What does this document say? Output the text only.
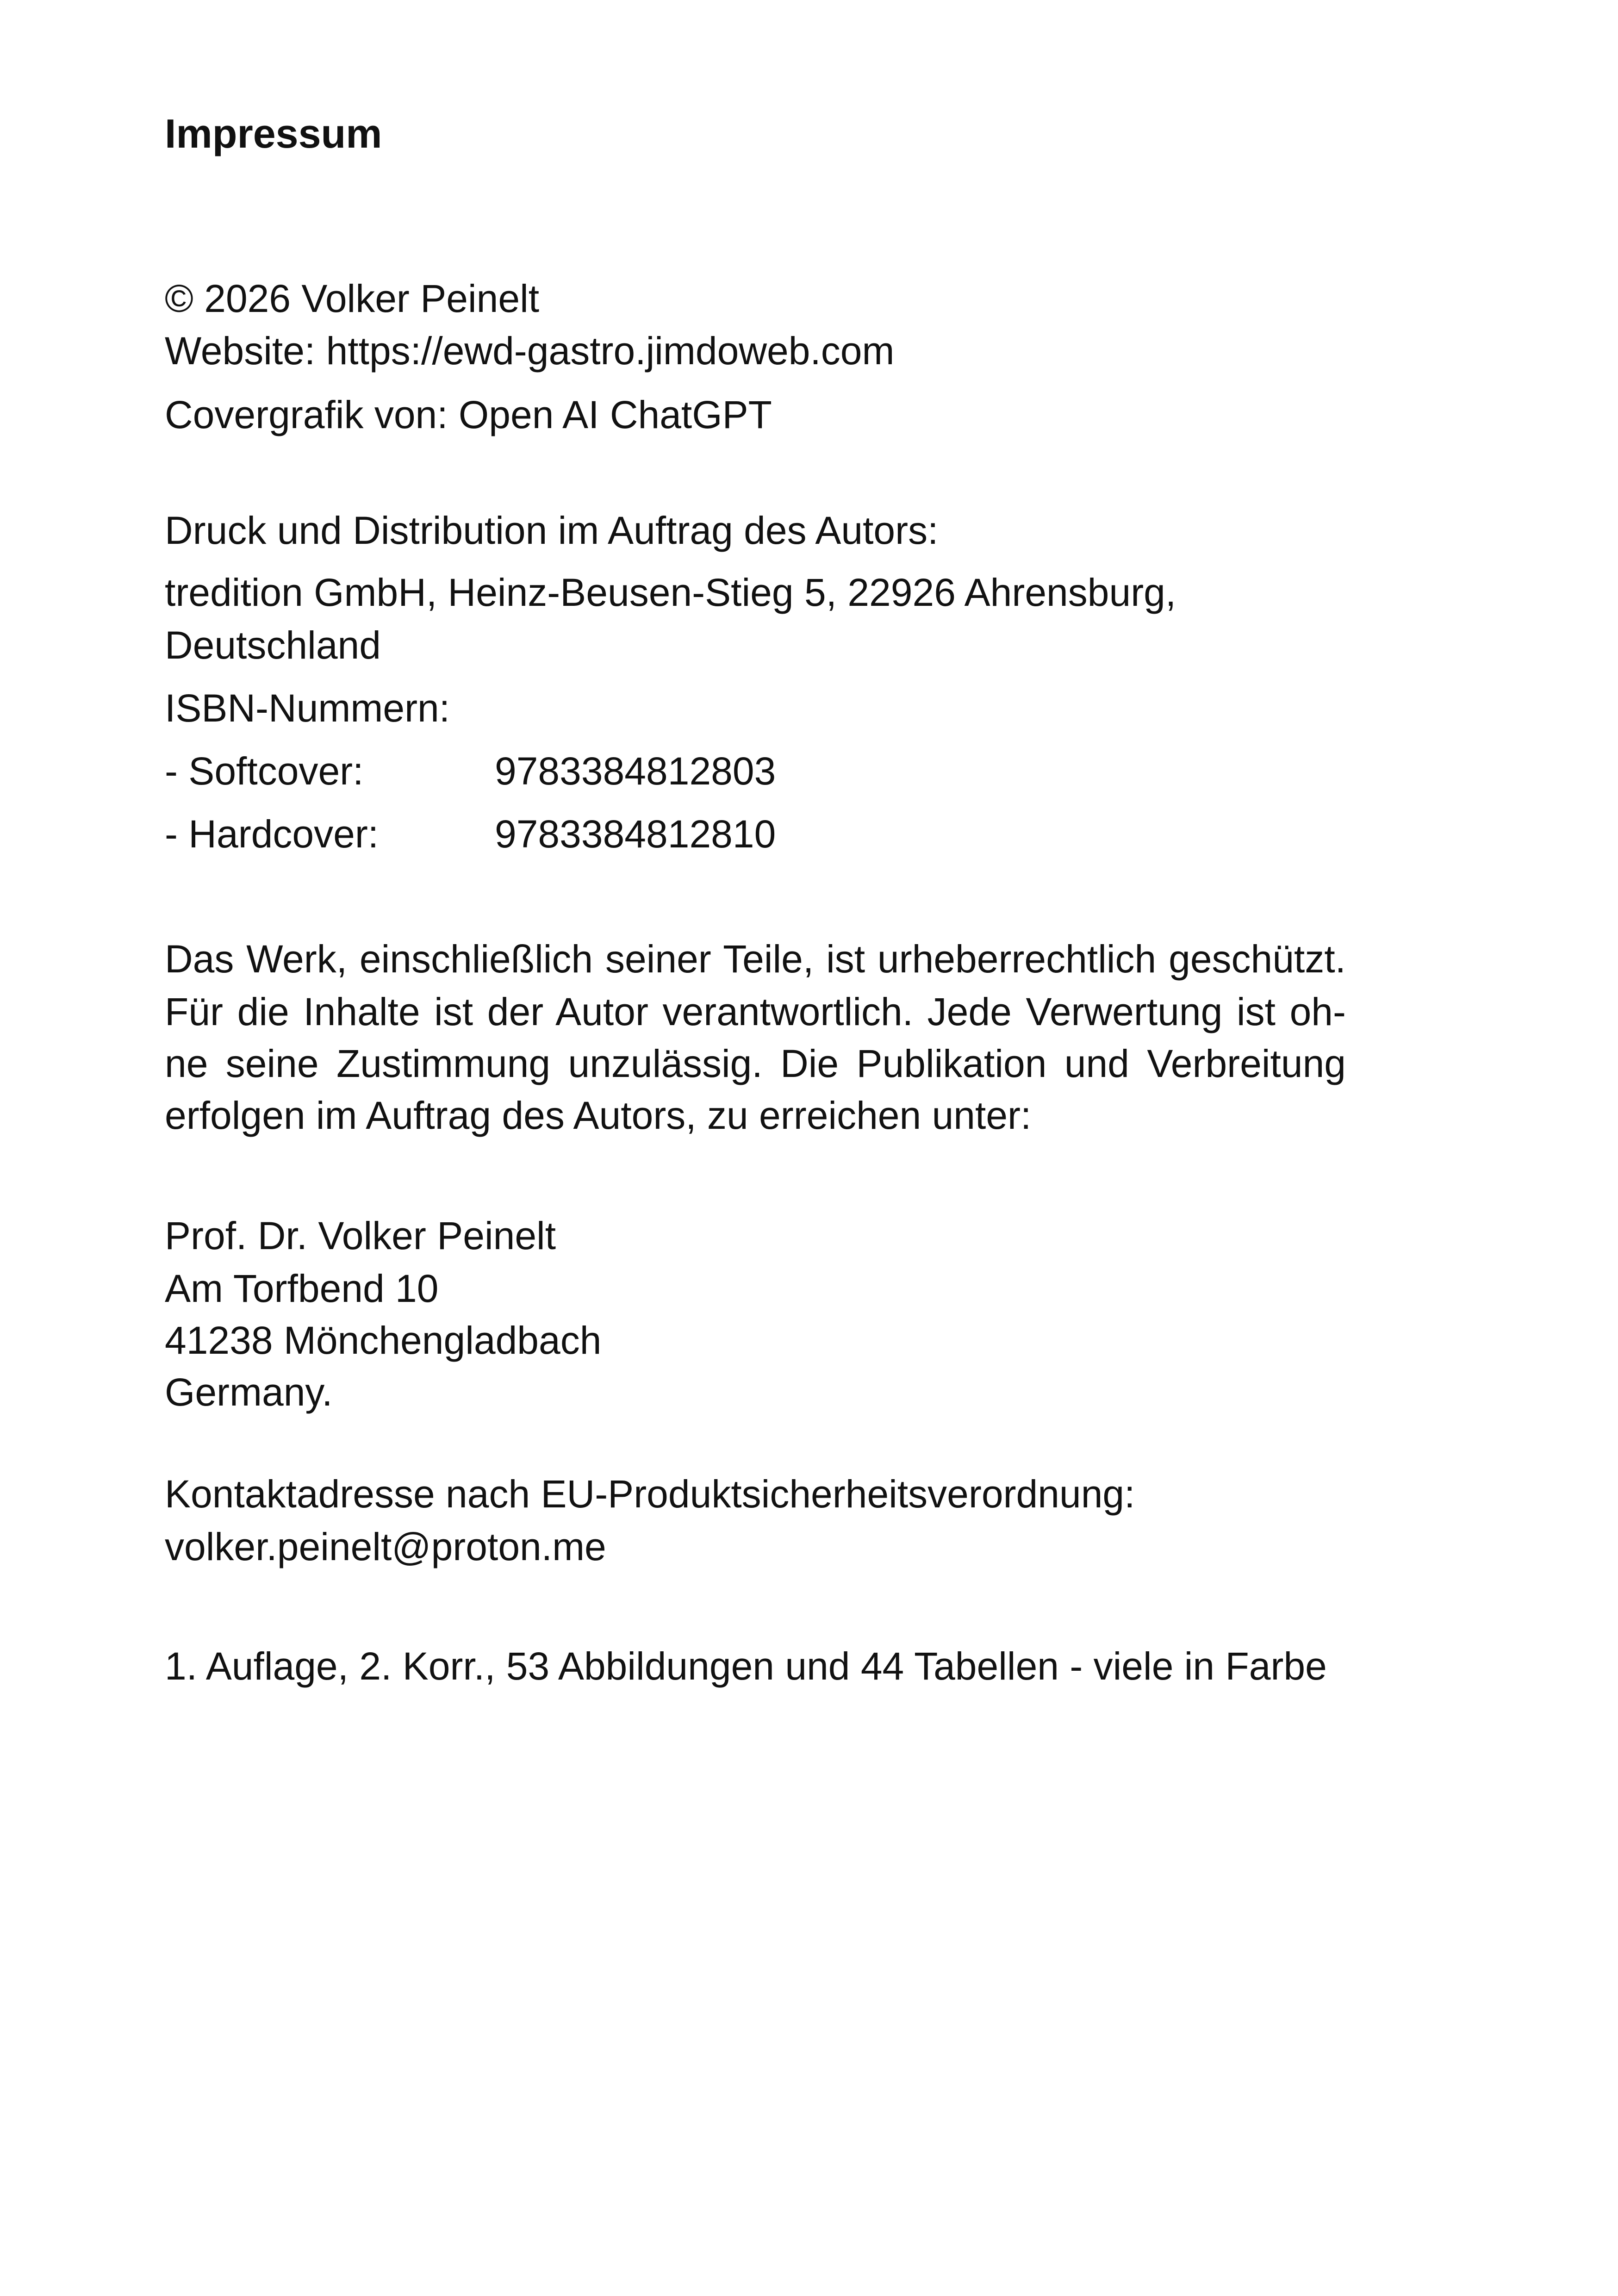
Impressum
© 2026 Volker Peinelt
Website: https://ewd-gastro.jimdoweb.com
Covergrafik von: Open AI ChatGPT
Druck und Distribution im Auftrag des Autors:
tredition GmbH, Heinz-Beusen-Stieg 5, 22926 Ahrensburg,
Deutschland
ISBN-Nummern:
- Softcover:	9783384812803
- Hardcover:	9783384812810
Das Werk, einschließlich seiner Teile, ist urheberrechtlich geschützt.
Für die Inhalte ist der Autor verantwortlich. Jede Verwertung ist oh-
ne seine Zustimmung unzulässig. Die Publikation und Verbreitung
erfolgen im Auftrag des Autors, zu erreichen unter:
Prof. Dr. Volker Peinelt
Am Torfbend 10
41238 Mönchengladbach
Germany.
Kontaktadresse nach EU-Produktsicherheitsverordnung:
volker.peinelt@proton.me
1. Auflage, 2. Korr., 53 Abbildungen und 44 Tabellen - viele in Farbe
